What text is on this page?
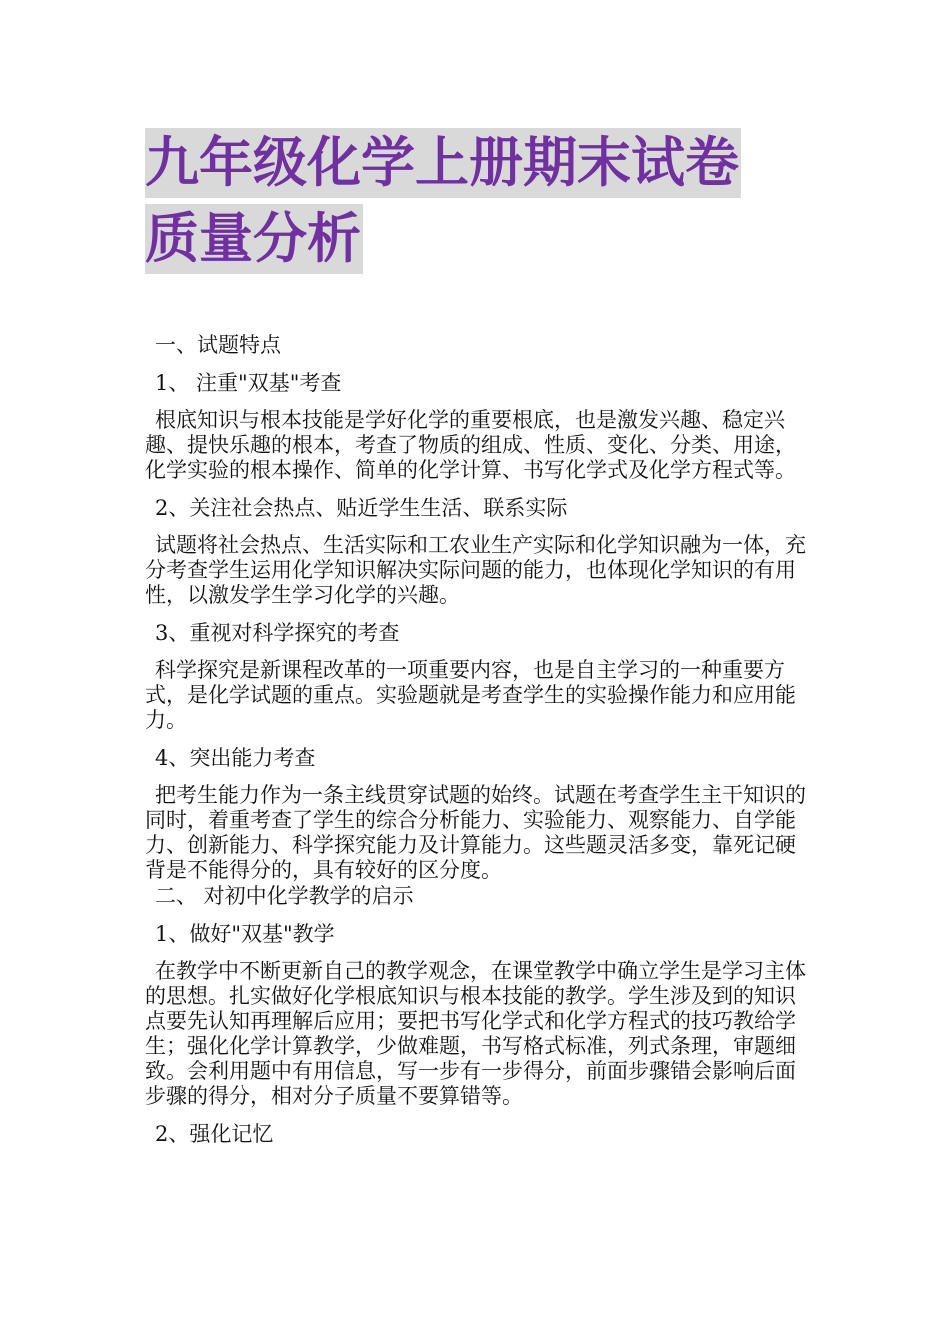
九年级化学上册期末试卷
质量分析

一、试题特点

1、 注重"双基"考查

根底知识与根本技能是学好化学的重要根底，也是激发兴趣、稳定兴趣、提快乐趣的根本，考查了物质的组成、性质、变化、分类、用途，化学实验的根本操作、简单的化学计算、书写化学式及化学方程式等。

2、关注社会热点、贴近学生生活、联系实际

试题将社会热点、生活实际和工农业生产实际和化学知识融为一体，充分考查学生运用化学知识解决实际问题的能力，也体现化学知识的有用性，以激发学生学习化学的兴趣。

3、重视对科学探究的考查

科学探究是新课程改革的一项重要内容，也是自主学习的一种重要方式，是化学试题的重点。实验题就是考查学生的实验操作能力和应用能力。

4、突出能力考查

把考生能力作为一条主线贯穿试题的始终。试题在考查学生主干知识的同时，着重考查了学生的综合分析能力、实验能力、观察能力、自学能力、创新能力、科学探究能力及计算能力。这些题灵活多变，靠死记硬背是不能得分的，具有较好的区分度。

二、 对初中化学教学的启示

1、做好"双基"教学

在教学中不断更新自己的教学观念，在课堂教学中确立学生是学习主体的思想。扎实做好化学根底知识与根本技能的教学。学生涉及到的知识点要先认知再理解后应用；要把书写化学式和化学方程式的技巧教给学生；强化化学计算教学，少做难题，书写格式标准，列式条理，审题细致。会利用题中有用信息，写一步有一步得分，前面步骤错会影响后面步骤的得分，相对分子质量不要算错等。

2、强化记忆
